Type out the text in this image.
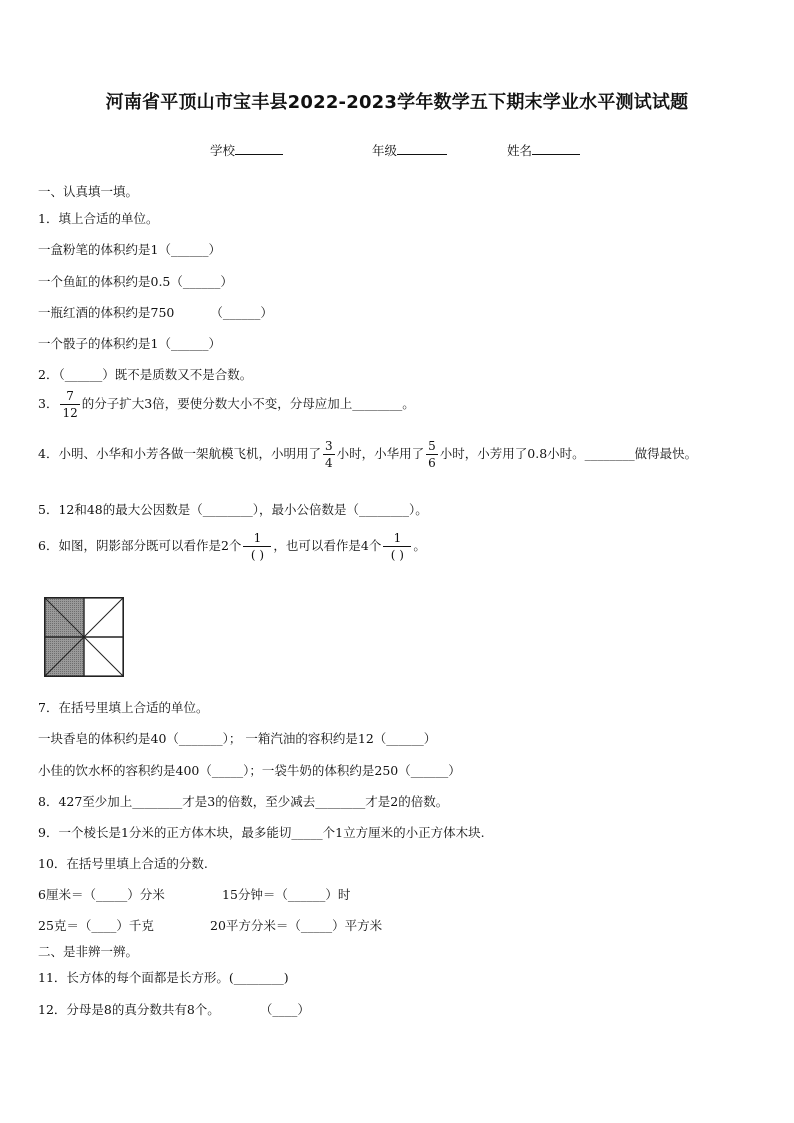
河南省平顶山市宝丰县2022-2023学年数学五下期末学业水平测试试题
学校	年级	姓名
一、认真填一填。
1．填上合适的单位。
一盒粉笔的体积约是1（______）
一个鱼缸的体积约是0.5（______）
一瓶红酒的体积约是750	（______）
一个骰子的体积约是1（______）
2．（______）既不是质数又不是合数。
3． $\frac{7}{12}$ 的分子扩大3倍，要使分数大小不变，分母应加上________。
4．小明、小华和小芳各做一架航模飞机，小明用了 $\frac{3}{4}$ 小时，小华用了 $\frac{5}{6}$ 小时，小芳用了0.8小时。________做得最快。
5．12和48的最大公因数是（________），最小公倍数是（________）。
6．如图，阴影部分既可以看作是2个 $\frac{1}{( )}$ ，也可以看作是4个 $\frac{1}{( )}$ 。
7．在括号里填上合适的单位。
一块香皂的体积约是40（_______）； 一箱汽油的容积约是12（______）
小佳的饮水杯的容积约是400（_____）；一袋牛奶的体积约是250（______）
8．427至少加上________才是3的倍数，至少减去________才是2的倍数。
9．一个棱长是1分米的正方体木块，最多能切_____个1立方厘米的小正方体木块.
10．在括号里填上合适的分数.
6厘米＝（_____）分米	15分钟＝（______）时
25克＝（____）千克	20平方分米＝（_____）平方米
二、是非辨一辨。
11．长方体的每个面都是长方形。(________)
12．分母是8的真分数共有8个。	（____）
